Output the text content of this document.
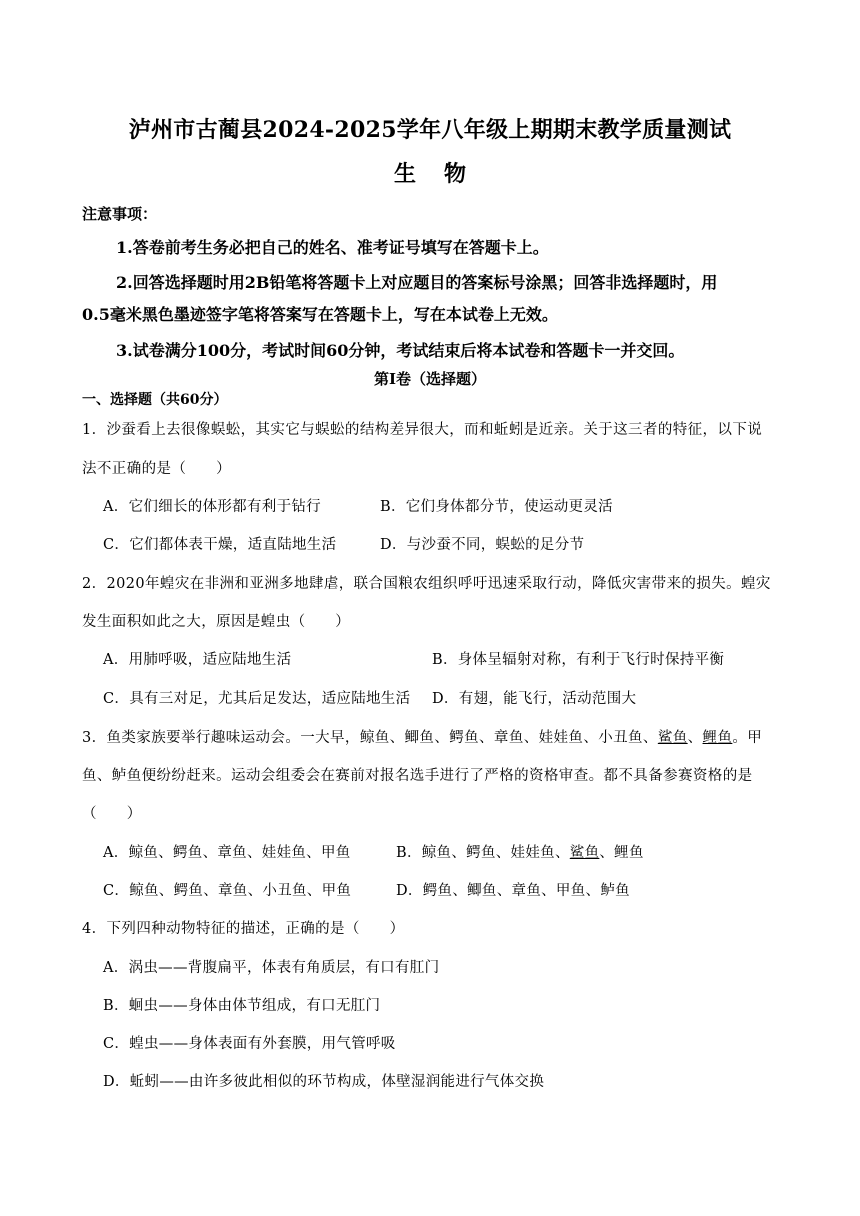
泸州市古蔺县2024-2025学年八年级上期期末教学质量测试
生物
注意事项：
1.答卷前考生务必把自己的姓名、准考证号填写在答题卡上。
2.回答选择题时用2B铅笔将答题卡上对应题目的答案标号涂黑；回答非选择题时，用
0.5毫米黑色墨迹签字笔将答案写在答题卡上，写在本试卷上无效。
3.试卷满分100分，考试时间60分钟，考试结束后将本试卷和答题卡一并交回。
第Ⅰ卷（选择题）
一、选择题（共60分）
1．沙蚕看上去很像蜈蚣，其实它与蜈蚣的结构差异很大，而和蚯蚓是近亲。关于这三者的特征，以下说
法不正确的是（　　）
A．它们细长的体形都有利于钻行	B．它们身体都分节，使运动更灵活
C．它们都体表干燥，适直陆地生活	D．与沙蚕不同，蜈蚣的足分节
2．2020年蝗灾在非洲和亚洲多地肆虐，联合国粮农组织呼吁迅速采取行动，降低灾害带来的损失。蝗灾
发生面积如此之大，原因是蝗虫（　　）
A．用肺呼吸，适应陆地生活	B．身体呈辐射对称，有利于飞行时保持平衡
C．具有三对足，尤其后足发达，适应陆地生活 D．有翅，能飞行，活动范围大
3．鱼类家族要举行趣味运动会。一大早，鲸鱼、鲫鱼、鳄鱼、章鱼、娃娃鱼、小丑鱼、鲨鱼、鲤鱼。甲
鱼、鲈鱼便纷纷赶来。运动会组委会在赛前对报名选手进行了严格的资格审查。都不具备参赛资格的是
（　　）
A．鲸鱼、鳄鱼、章鱼、娃娃鱼、甲鱼	B．鲸鱼、鳄鱼、娃娃鱼、鲨鱼、鲤鱼
C．鲸鱼、鳄鱼、章鱼、小丑鱼、甲鱼	D．鳄鱼、鲫鱼、章鱼、甲鱼、鲈鱼
4．下列四种动物特征的描述，正确的是（　　）
A．涡虫——背腹扁平，体表有角质层，有口有肛门
B．蛔虫——身体由体节组成，有口无肛门
C．蝗虫——身体表面有外套膜，用气管呼吸
D．蚯蚓——由许多彼此相似的环节构成，体壁湿润能进行气体交换
